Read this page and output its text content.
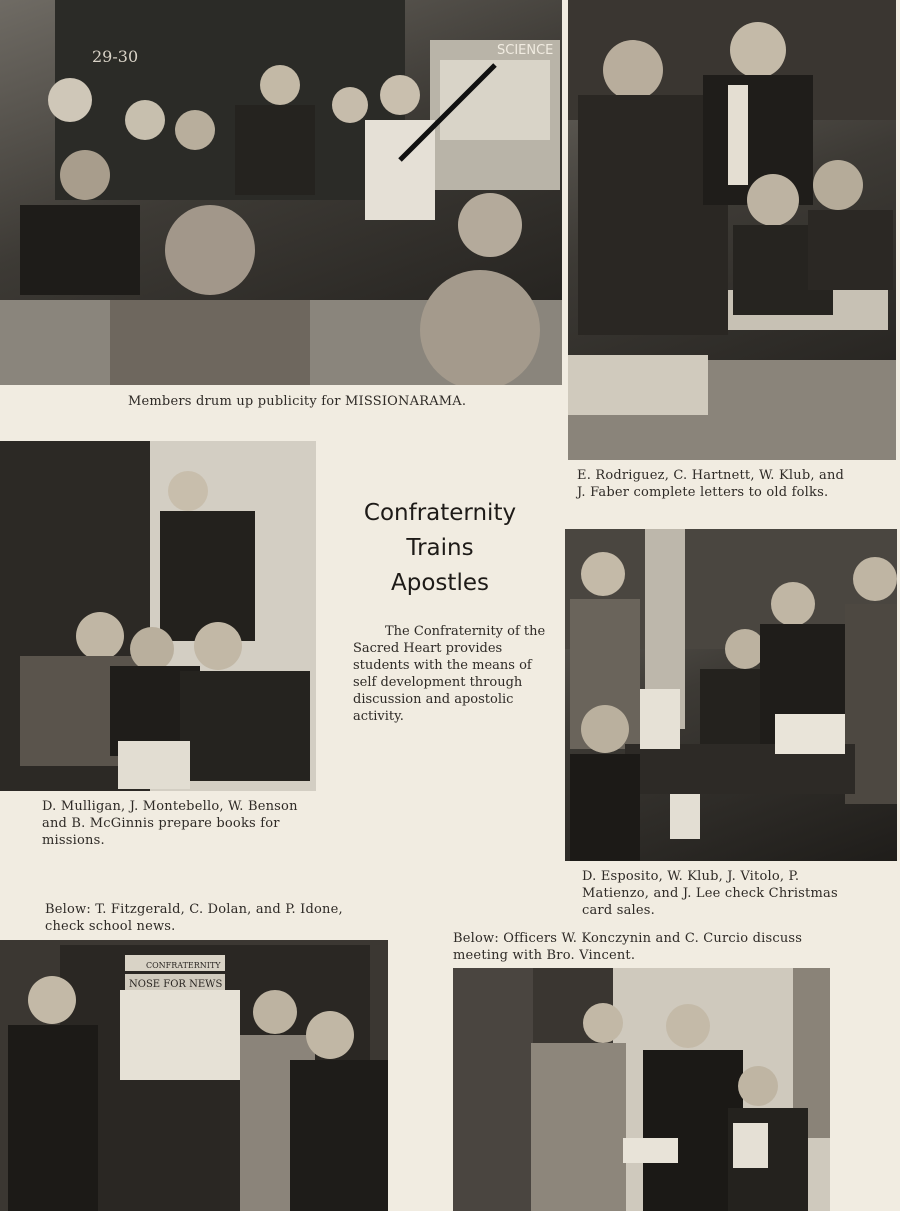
29-30	SCIENCE
Members drum up publicity for MISSIONARAMA.
E. Rodriguez, C. Hartnett, W. Klub, and J. Faber complete letters to old folks.
D. Mulligan, J. Montebello, W. Benson and B. McGinnis prepare books for missions.
Confraternity
Trains
Apostles
The Confraternity of the Sacred Heart provides students with the means of self development through discussion and apostolic activity.
D. Esposito, W. Klub, J. Vitolo, P. Matienzo, and J. Lee check Christmas card sales.
Below: T. Fitzgerald, C. Dolan, and P. Idone, check school news.
Below: Officers W. Konczynin and C. Curcio discuss meeting with Bro. Vincent.
CONFRATERNITY
NOSE FOR NEWS
